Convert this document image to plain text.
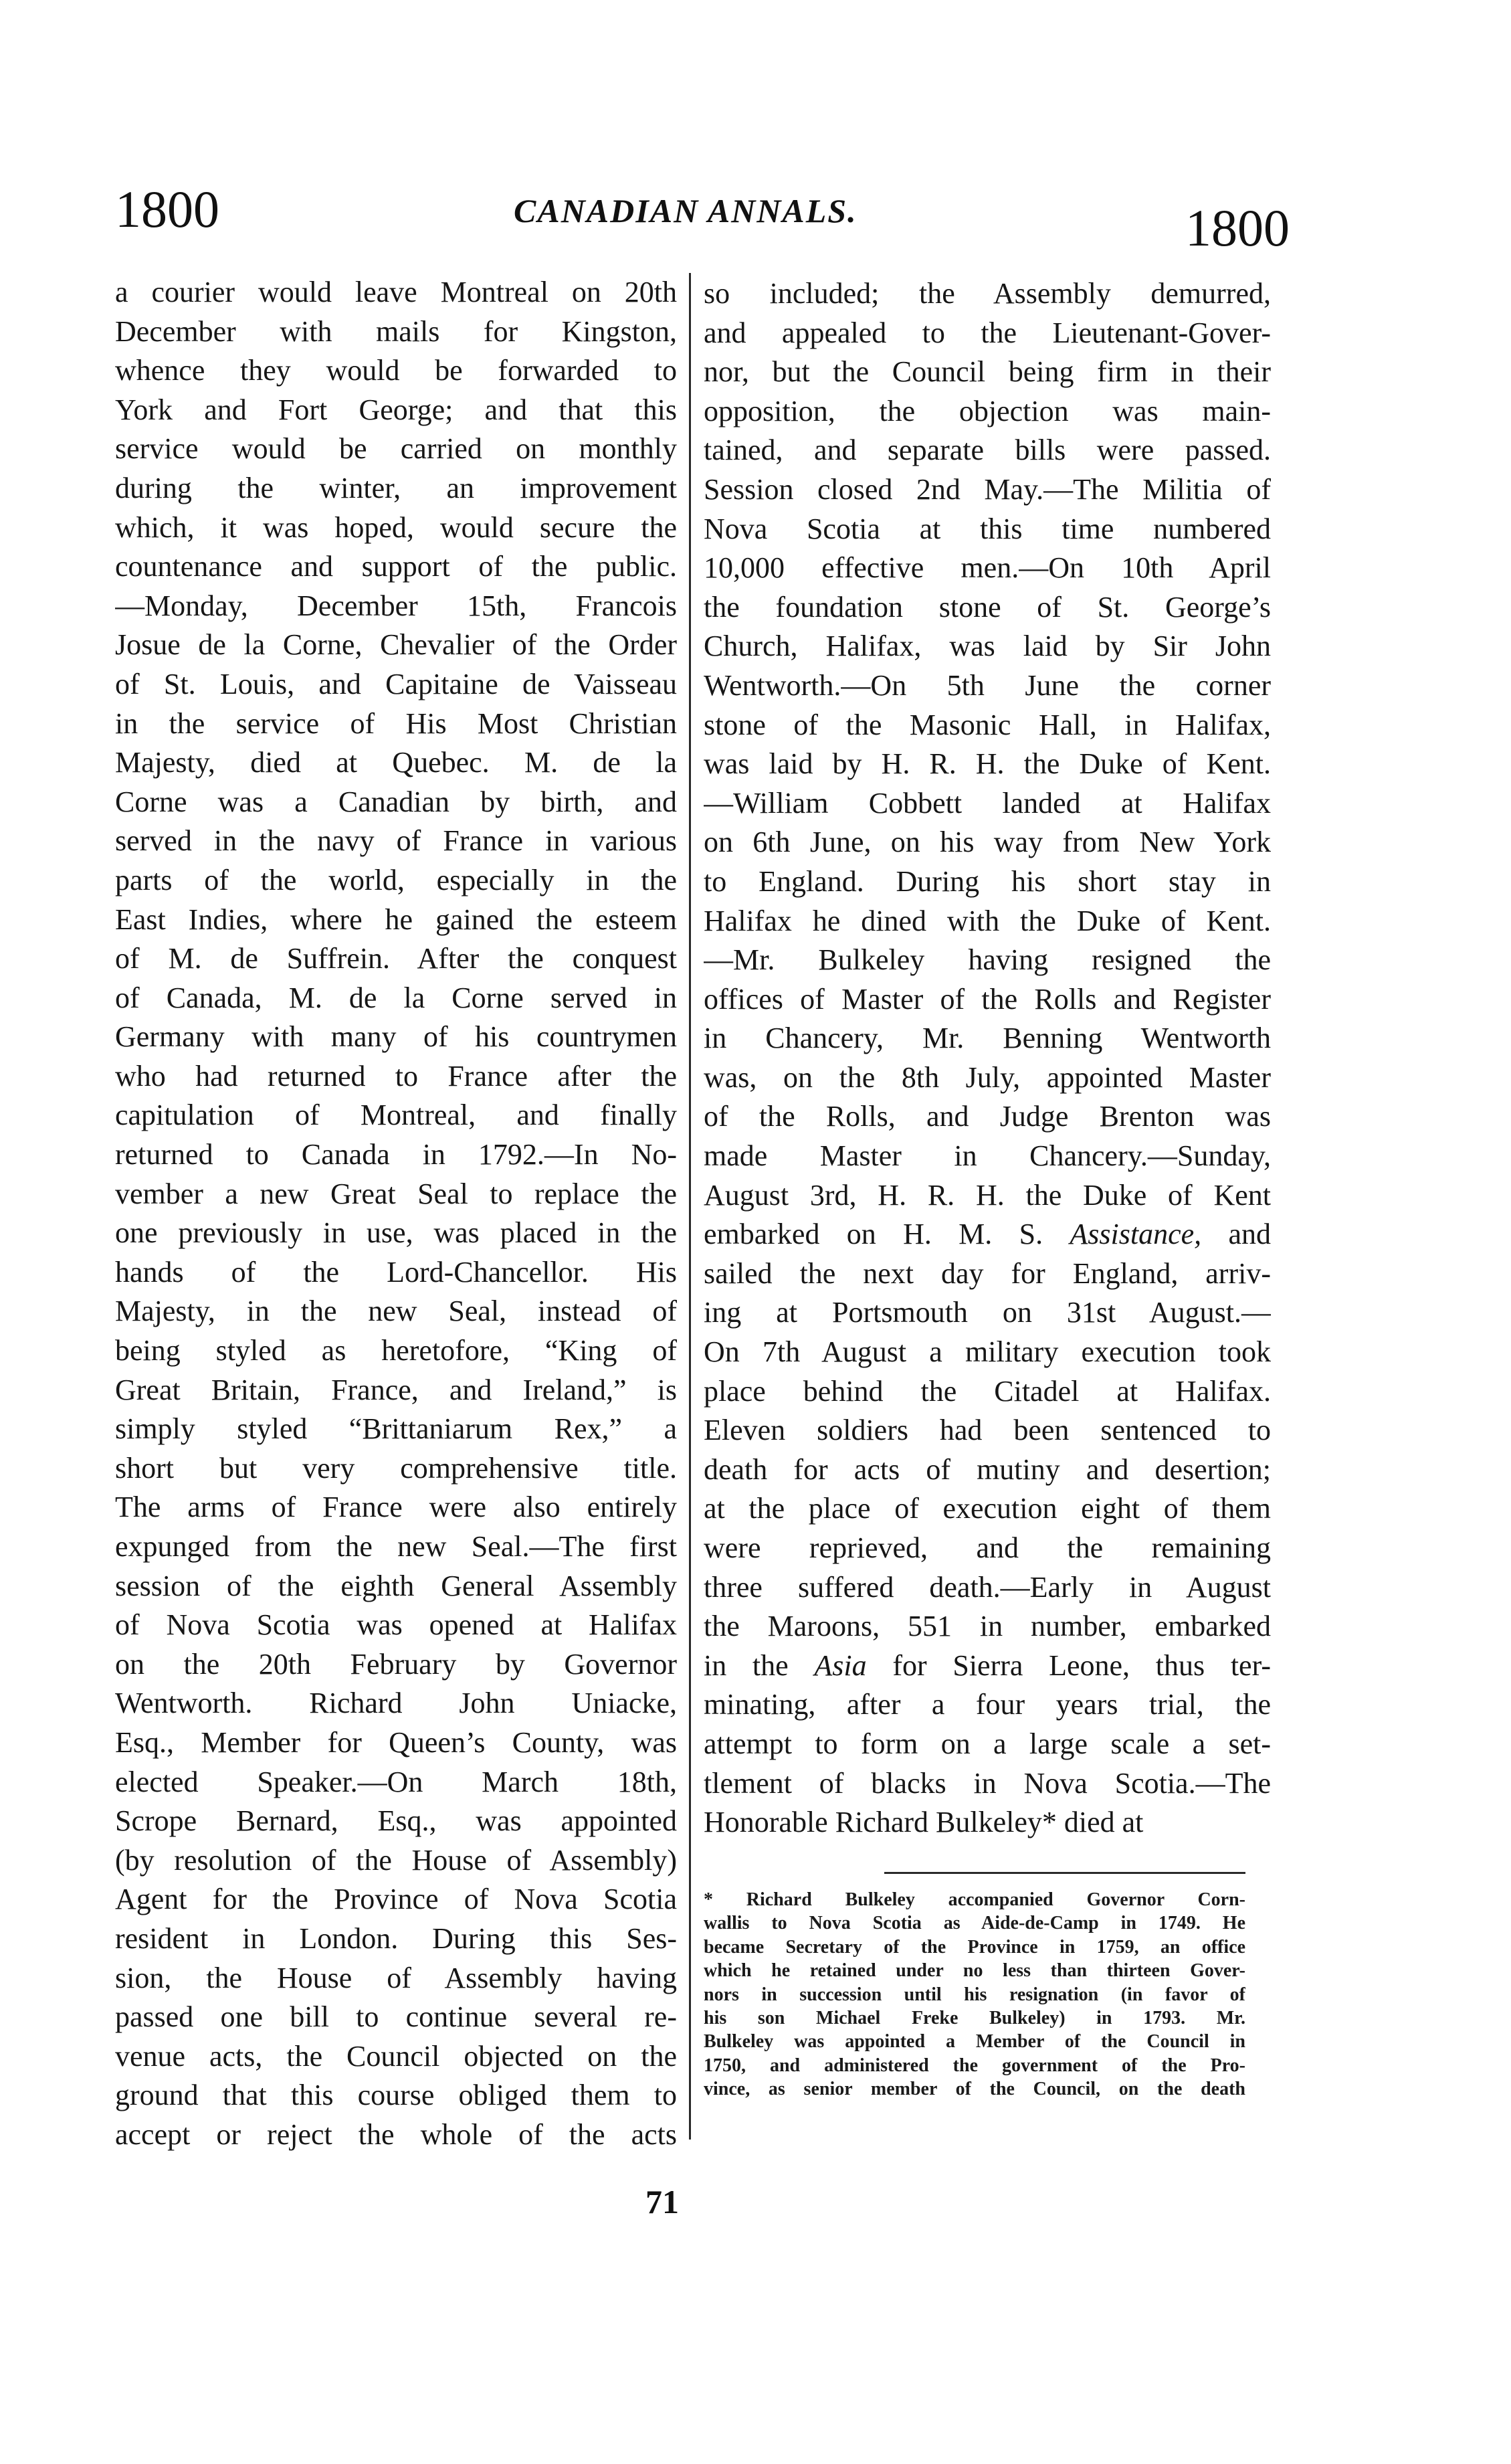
1800	CANADIAN ANNALS.	1800
a courier would leave Montreal on 20th
December with mails for Kingston,
whence they would be forwarded to
York and Fort George; and that this
service would be carried on monthly
during the winter, an improvement
which, it was hoped, would secure the
countenance and support of the public.
—Monday, December 15th, Francois
Josue de la Corne, Chevalier of the Order
of St. Louis, and Capitaine de Vaisseau
in the service of His Most Christian
Majesty, died at Quebec. M. de la
Corne was a Canadian by birth, and
served in the navy of France in various
parts of the world, especially in the
East Indies, where he gained the esteem
of M. de Suffrein. After the conquest
of Canada, M. de la Corne served in
Germany with many of his countrymen
who had returned to France after the
capitulation of Montreal, and finally
returned to Canada in 1792.—In No-
vember a new Great Seal to replace the
one previously in use, was placed in the
hands of the Lord-Chancellor. His
Majesty, in the new Seal, instead of
being styled as heretofore, “King of
Great Britain, France, and Ireland,” is
simply styled “Brittaniarum Rex,” a
short but very comprehensive title.
The arms of France were also entirely
expunged from the new Seal.—The first
session of the eighth General Assembly
of Nova Scotia was opened at Halifax
on the 20th February by Governor
Wentworth. Richard John Uniacke,
Esq., Member for Queen’s County, was
elected Speaker.—On March 18th,
Scrope Bernard, Esq., was appointed
(by resolution of the House of Assembly)
Agent for the Province of Nova Scotia
resident in London. During this Ses-
sion, the House of Assembly having
passed one bill to continue several re-
venue acts, the Council objected on the
ground that this course obliged them to
accept or reject the whole of the acts
so included; the Assembly demurred,
and appealed to the Lieutenant-Gover-
nor, but the Council being firm in their
opposition, the objection was main-
tained, and separate bills were passed.
Session closed 2nd May.—The Militia of
Nova Scotia at this time numbered
10,000 effective men.—On 10th April
the foundation stone of St. George’s
Church, Halifax, was laid by Sir John
Wentworth.—On 5th June the corner
stone of the Masonic Hall, in Halifax,
was laid by H. R. H. the Duke of Kent.
—William Cobbett landed at Halifax
on 6th June, on his way from New York
to England. During his short stay in
Halifax he dined with the Duke of Kent.
—Mr. Bulkeley having resigned the
offices of Master of the Rolls and Register
in Chancery, Mr. Benning Wentworth
was, on the 8th July, appointed Master
of the Rolls, and Judge Brenton was
made Master in Chancery.—Sunday,
August 3rd, H. R. H. the Duke of Kent
embarked on H. M. S. Assistance, and
sailed the next day for England, arriv-
ing at Portsmouth on 31st August.—
On 7th August a military execution took
place behind the Citadel at Halifax.
Eleven soldiers had been sentenced to
death for acts of mutiny and desertion;
at the place of execution eight of them
were reprieved, and the remaining
three suffered death.—Early in August
the Maroons, 551 in number, embarked
in the Asia for Sierra Leone, thus ter-
minating, after a four years trial, the
attempt to form on a large scale a set-
tlement of blacks in Nova Scotia.—The
Honorable Richard Bulkeley* died at
* Richard Bulkeley accompanied Governor Corn-
wallis to Nova Scotia as Aide-de-Camp in 1749. He
became Secretary of the Province in 1759, an office
which he retained under no less than thirteen Gover-
nors in succession until his resignation (in favor of
his son Michael Freke Bulkeley) in 1793. Mr.
Bulkeley was appointed a Member of the Council in
1750, and administered the government of the Pro-
vince, as senior member of the Council, on the death
71
